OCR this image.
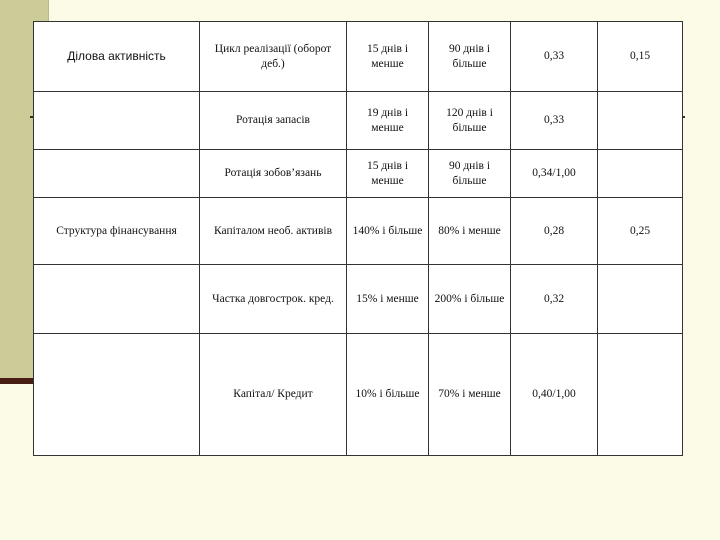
Ділова активність	Цикл реалізації (оборот деб.)	15 днів і менше	90 днів і більше	0,33	0,15
	Ротація запасів	19 днів і менше	120 днів і більше	0,33	
	Ротація зобов’язань	15 днів і менше	90 днів і більше	0,34/1,00	
Структура фінансування	Капіталом необ. активів	140% і більше	80% і менше	0,28	0,25
	Частка довгострок. кред.	15% і менше	200% і більше	0,32	
	Капітал/ Кредит	10% і більше	70% і менше	0,40/1,00	
